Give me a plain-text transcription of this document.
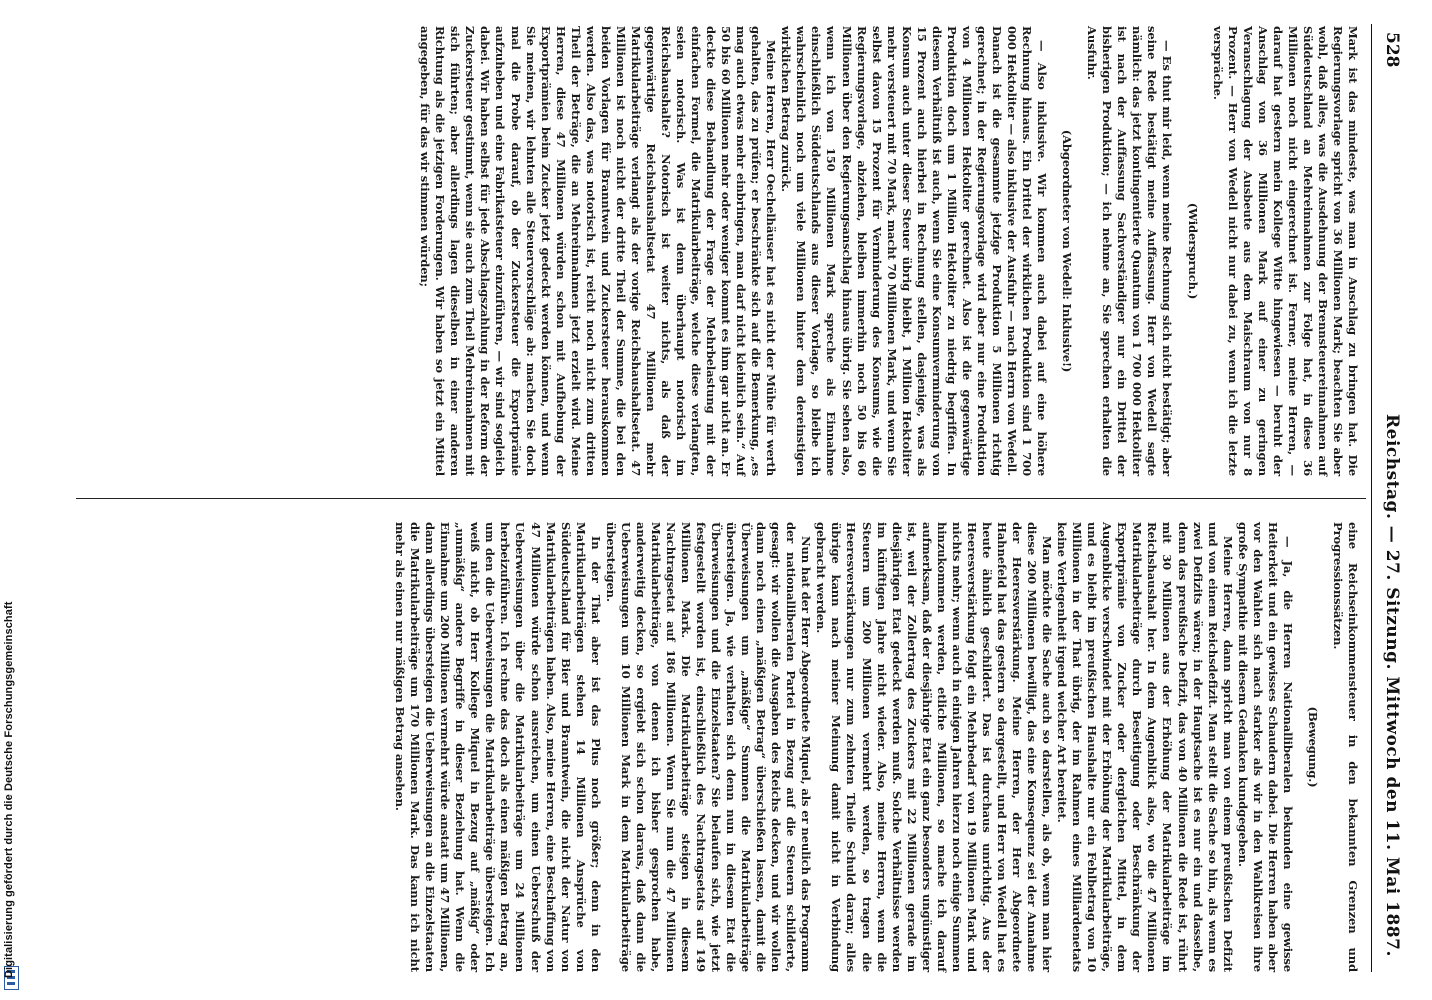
Digitalisierung gefördert durch die Deutsche Forschungsgemeinschaft
528
Reichstag. — 27. Sitzung. Mittwoch den 11. Mai 1887.

Mark ist das mindeste, was man in Anschlag zu bringen hat. Die Regierungsvorlage spricht von 36 Millionen Mark; beachten Sie aber wohl, daß alles, was die Ausdehnung der Brennsteuereinnahmen auf Süddeutschland an Mehreinnahmen zur Folge hat, in diese 36 Millionen noch nicht eingerechnet ist. Ferner, meine Herren, — darauf hat gestern mein Kollege Witte hingewiesen — beruht der Anschlag von 36 Millionen Mark auf einer zu geringen Veranschlagung der Ausbeute aus dem Maischraum von nur 8 Prozent. — Herr von Wedell nicht nur dabei zu, wenn ich die letzte verspräche.

(Widerspruch.)

— Es thut mir leid, wenn meine Rechnung sich nicht bestätigt; aber seine Rede bestätigt meine Auffassung. Herr von Wedell sagte nämlich: das jetzt kontingentierte Quantum von 1 700 000 Hektoliter ist nach der Auffassung Sachverständiger nur ein Drittel der bisherigen Produktion; — ich nehme an, Sie sprechen erhalten die Ausfuhr.

(Abgeordneter von Wedell: Inklusive!)

— Also inklusive. Wir kommen auch dabei auf eine höhere Rechnung hinaus. Ein Drittel der wirklichen Produktion sind 1 700 000 Hektoliter — also inklusive der Ausfuhr — nach Herrn von Wedell. Danach ist die gesammte jetzige Produktion 5 Millionen richtig gerechnet; in der Regierungsvorlage wird aber nur eine Produktion von 4 Millionen Hektoliter gerechnet. Also ist die gegenwärtige Produktion doch um 1 Million Hektoliter zu niedrig begriffen. In diesem Verhältniß ist auch, wenn Sie eine Konsumverminderung von 15 Prozent auch hierbei in Rechnung stellen, dasjenige, was als Konsum auch unter dieser Steuer übrig bleibt, 1 Million Hektoliter mehr versteuert mit 70 Mark, macht 70 Millionen Mark, und wenn Sie selbst davon 15 Prozent für Verminderung des Konsums, wie die Regierungsvorlage, abziehen, bleiben immerhin noch 50 bis 60 Millionen über den Regierungsanschlag hinaus übrig. Sie sehen also, wenn ich von 150 Millionen Mark spreche als Einnahme einschließlich Süddeutschlands aus dieser Vorlage, so bleibe ich wahrscheinlich noch um viele Millionen hinter dem dereinstigen wirklichen Betrag zurück.

Meine Herren, Herr Oechelhäuser hat es nicht der Mühe für werth gehalten, das zu prüfen; er beschränkte sich auf die Bemerkung, „es mag auch etwas mehr einbringen, man darf nicht kleinlich sein.“ Auf 50 bis 60 Millionen mehr oder weniger kommt es ihm gar nicht an. Er deckte diese Behandlung der Frage der Mehrbelastung mit der einfachen Formel, die Matrikularbeiträge, welche diese verlangten, seien notorisch. Was ist denn überhaupt notorisch im Reichshaushalte? Notorisch ist weiter nichts, als daß der gegenwärtige Reichshaushaltsetat 47 Millionen mehr Matrikularbeiträge verlangt als der vorige Reichshaushaltsetat. 47 Millionen ist noch nicht der dritte Theil der Summe, die bei den beiden Vorlagen für Branntwein und Zuckersteuer herauskommen werden. Also das, was notorisch ist, reicht noch nicht zum dritten Theil der Beträge, die an Mehreinnahmen jetzt erzielt wird. Meine Herren, diese 47 Millionen würden schon mit Aufhebung der Exportprämien beim Zucker jetzt gedeckt werden können, und wenn Sie meinen, wir lehnten alle Steuervorschläge ab: machen Sie doch mal die Probe darauf, ob der Zuckersteuer die Exportprämie aufzuheben und eine Fabrikatsteuer einzuführen, — wir sind sogleich dabei. Wir haben selbst für jede Abschlagszahlung in der Reform der Zuckersteuer gestimmt, wenn sie auch zum Theil Mehreinnahmen mit sich führten; aber allerdings lagen dieselben in einer anderen Richtung als die jetzigen Forderungen. Wir haben so jetzt ein Mittel angegeben, für das wir stimmen würden;

eine Reichseinkommensteuer in den bekannten Grenzen und Progressionssätzen.

(Bewegung.)

— Ja, die Herren Nationalliberalen bekunden eine gewisse Heiterkeit und ein gewisses Schaudern dabei. Die Herren haben aber vor den Wahlen sich nach starker als wir in den Wahlkreisen ihre große Sympathie mit diesem Gedanken kundgegeben.

Meine Herren, dann spricht man von einem preußischen Defizit und von einem Reichsdefizit. Man stellt die Sache so hin, als wenn es zwei Defizits wären; in der Hauptsache ist es nur ein und dasselbe, denn das preußische Defizit, das von 40 Millionen die Rede ist, rührt mit 30 Millionen aus der Erhöhung der Matrikularbeiträge im Reichshaushalt her. In dem Augenblick also, wo die 47 Millionen Matrikularbeiträge durch Beseitigung oder Beschränkung der Exportprämie von Zucker oder dergleichen Mittel, in dem Augenblicke verschwindet mit der Erhöhung der Matrikularbeiträge, und es bleibt im preußischen Haushalte nur ein Fehlbetrag von 10 Millionen in der That übrig, der im Rahmen eines Milliardenetats keine Verlegenheit irgend welcher Art bereitet.

Man möchte die Sache auch so darstellen, als ob, wenn man hier diese 200 Millionen bewilligt, das eine Konsequenz sei der Annahme der Heeresverstärkung. Meine Herren, der Herr Abgeordnete Hahnefeld hat das gestern so dargestellt, und Herr von Wedell hat es heute ähnlich geschildert. Das ist durchaus unrichtig. Aus der Heeresverstärkung folgt ein Mehrbedarf von 19 Millionen Mark und nichts mehr; wenn auch in einigen Jahren hierzu noch einige Summen hinzukommen werden, etliche Millionen, so mache ich darauf aufmerksam, daß der diesjährige Etat ein ganz besonders ungünstiger ist, weil der Zollertrag des Zuckers mit 22 Millionen gerade im diesjährigen Etat gedeckt werden muß. Solche Verhältnisse werden im künftigen Jahre nicht wieder. Also, meine Herren, wenn die Steuern um 200 Millionen vermehrt werden, so tragen die Heeresverstärkungen nur zum zehnten Theile Schuld daran; alles übrige kann nach meiner Meinung damit nicht in Verbindung gebracht werden.

Nun hat der Herr Abgeordnete Miquel, als er neulich das Programm der nationalliberalen Partei in Bezug auf die Steuern schilderte, gesagt: wir wollen die Ausgaben des Reichs decken, und wir wollen dann noch einen „mäßigen Betrag“ überschießen lassen, damit die Überweisungen um „mäßige“ Summen die Matrikularbeiträge übersteigen. Ja, wie verhalten sich denn nun in diesem Etat die Überweisungen und die Einzelstaaten? Sie belaufen sich, wie jetzt festgestellt worden ist, einschließlich des Nachtragsetats auf 149 Millionen Mark. Die Matrikularbeiträge steigen in diesem Nachtragsetat auf 186 Millionen. Wenn Sie nun die 47 Millionen Matrikularbeiträge, von denen ich bisher gesprochen habe, anderweitig decken, so ergiebt sich schon daraus, daß dann die Ueberweisungen um 10 Millionen Mark in dem Matrikularbeiträge übersteigen.

In der That aber ist das Plus noch größer; denn in den Matrikularbeiträgen stehen 14 Millionen Ansprüche von Süddeutschland für Bier und Branntwein, die nicht der Natur von Matrikularbeiträgen haben. Also, meine Herren, eine Beschaffung von 47 Millionen würde schon ausreichen, um einen Ueberschuß der Ueberweisungen über die Matrikularbeiträge um 24 Millionen herbeizuführen. Ich rechne das doch als einen mäßigen Betrag an, um den die Ueberweisungen die Matrikularbeiträge übersteigen. Ich weiß nicht, ob Herr Kollege Miquel in Bezug auf „mäßig“ oder „unmäßig“ andere Begriffe in dieser Beziehung hat. Wenn die Einnahme um 200 Millionen vermehrt würde anstatt um 47 Millionen, dann allerdings übersteigen die Ueberweisungen an die Einzelstaaten die Matrikularbeiträge um 170 Millionen Mark. Das kann ich nicht mehr als einen nur mäßigen Betrag ansehen.
